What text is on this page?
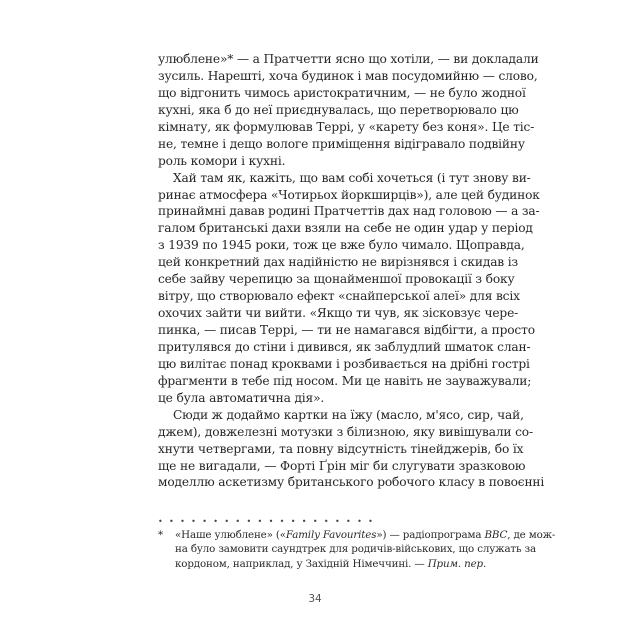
улюблене»* — а Пратчетти ясно що хотіли, — ви докладали
зусиль. Нарешті, хоча будинок і мав посудомийню — слово,
що відгонить чимось аристократичним, — не було жодної
кухні, яка б до неї приєднувалась, що перетворювало цю
кімнату, як формулював Террі, у «карету без коня». Це тіс-
не, темне і дещо вологе приміщення відігравало подвійну
роль комори і кухні.
Хай там як, кажіть, що вам собі хочеться (і тут знову ви-
ринає атмосфера «Чотирьох йоркширців»), але цей будинок
принаймні давав родині Пратчеттів дах над головою — а за-
галом британські дахи взяли на себе не один удар у період
з 1939 по 1945 роки, тож це вже було чимало. Щоправда,
цей конкретний дах надійністю не вирізнявся і скидав із
себе зайву черепицю за щонайменшої провокації з боку
вітру, що створювало ефект «снайперської алеї» для всіх
охочих зайти чи вийти. «Якщо ти чув, як зісковзує чере-
пинка, — писав Террі, — ти не намагався відбігти, а просто
притулявся до стіни і дивився, як заблудлий шматок слан-
цю вилітає понад кроквами і розбивається на дрібні гострі
фрагменти в тебе під носом. Ми це навіть не зауважували;
це була автоматична дія».
Сюди ж додаймо картки на їжу (масло, м'ясо, сир, чай,
джем), довжелезні мотузки з білизною, яку вивішували со-
хнути четвергами, та повну відсутність тінейджерів, бо їх
ще не вигадали, — Форті Ґрін міг би слугувати зразковою
моделлю аскетизму британського робочого класу в повоєнні
• • • • • • • • • • • • • • • • • • • •
* «Наше улюблене» («Family Favourites») — радіопрограма BBC, де мож-
на було замовити саундтрек для родичів-військових, що служать за
кордоном, наприклад, у Західній Німеччині. — Прим. пер.
34
